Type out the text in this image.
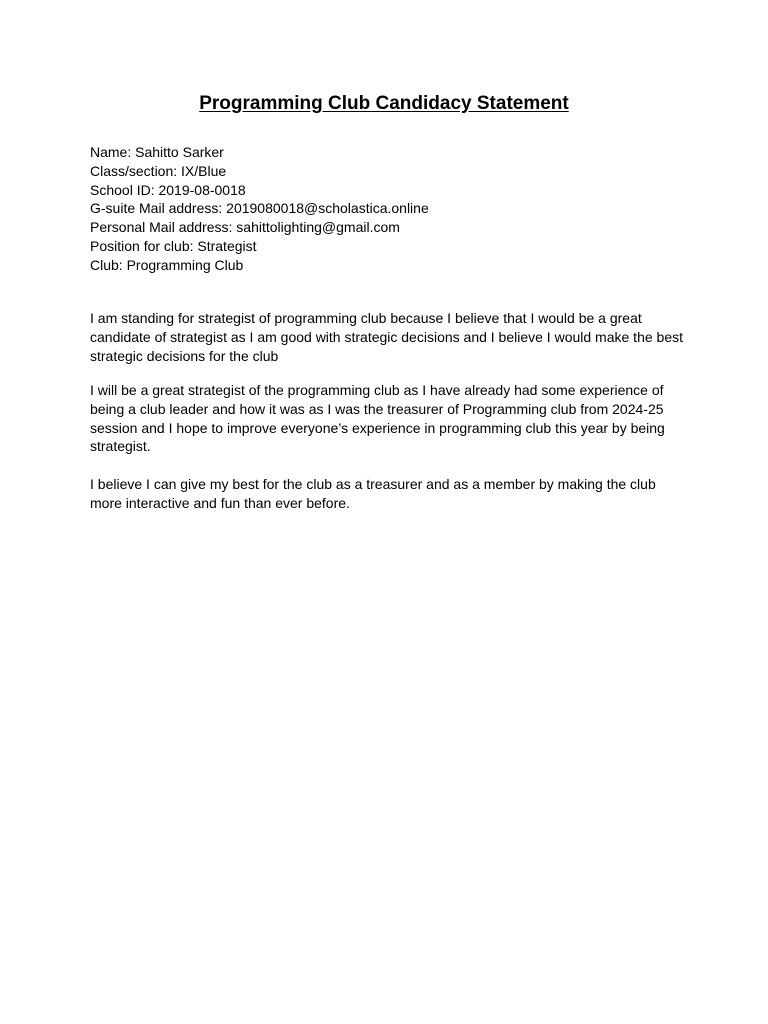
Programming Club Candidacy Statement
Name: Sahitto Sarker
Class/section: IX/Blue
School ID: 2019-08-0018
G-suite Mail address: 2019080018@scholastica.online
Personal Mail address: sahittolighting@gmail.com
Position for club: Strategist
Club: Programming Club

I am standing for strategist of programming club because I believe that I would be a great candidate of strategist as I am good with strategic decisions and I believe I would make the best strategic decisions for the club

I will be a great strategist of the programming club as I have already had some experience of being a club leader and how it was as I was the treasurer of Programming club from 2024-25 session and I hope to improve everyone’s experience in programming club this year by being strategist.

I believe I can give my best for the club as a treasurer and as a member by making the club more interactive and fun than ever before.
